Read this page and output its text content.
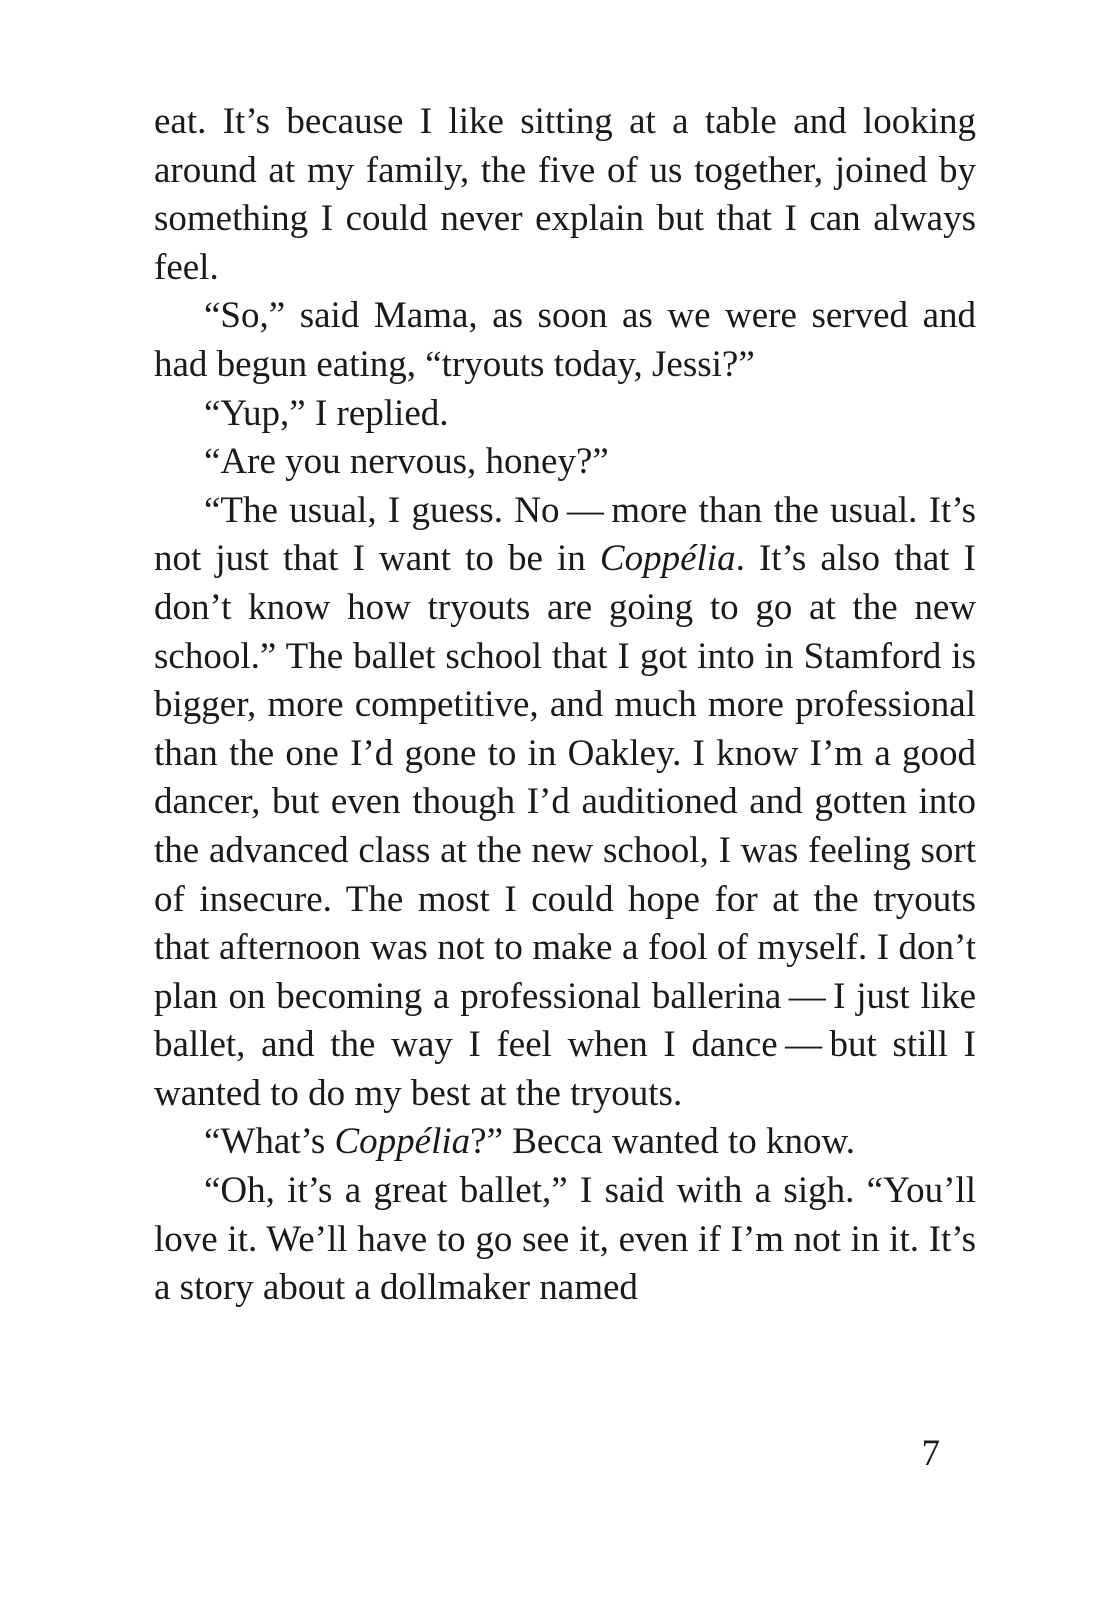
eat. It’s because I like sitting at a table and looking around at my family, the five of us together, joined by something I could never explain but that I can always feel.

“So,” said Mama, as soon as we were served and had begun eating, “tryouts today, Jessi?”

“Yup,” I replied.

“Are you nervous, honey?”

“The usual, I guess. No — more than the usual. It’s not just that I want to be in Coppélia. It’s also that I don’t know how tryouts are going to go at the new school.” The ballet school that I got into in Stamford is bigger, more competitive, and much more professional than the one I’d gone to in Oakley. I know I’m a good dancer, but even though I’d auditioned and gotten into the advanced class at the new school, I was feeling sort of insecure. The most I could hope for at the tryouts that afternoon was not to make a fool of myself. I don’t plan on becoming a professional ballerina — I just like ballet, and the way I feel when I dance — but still I wanted to do my best at the tryouts.

“What’s Coppélia?” Becca wanted to know.

“Oh, it’s a great ballet,” I said with a sigh. “You’ll love it. We’ll have to go see it, even if I’m not in it. It’s a story about a dollmaker named

7
